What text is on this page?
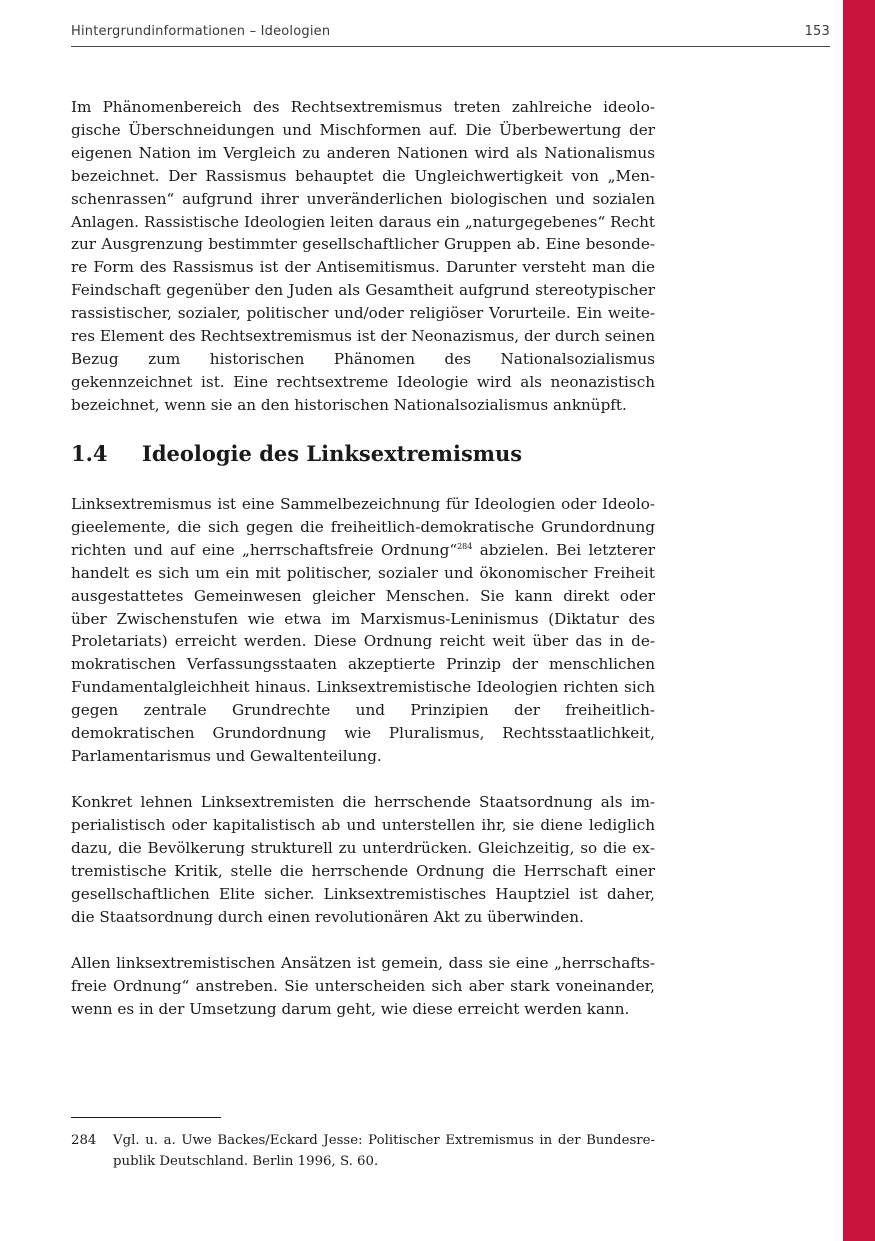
Hintergrundinformationen – Ideologien	153

Im Phänomenbereich des Rechtsextremismus treten zahlreiche ideologische Überschneidungen und Mischformen auf. Die Überbewertung der eigenen Nation im Vergleich zu anderen Nationen wird als Nationalismus bezeichnet. Der Rassismus behauptet die Ungleichwertigkeit von „Menschenrassen“ aufgrund ihrer unveränderlichen biologischen und sozialen Anlagen. Rassistische Ideologien leiten daraus ein „naturgegebenes“ Recht zur Ausgrenzung bestimmter gesellschaftlicher Gruppen ab. Eine besondere Form des Rassismus ist der Antisemitismus. Darunter versteht man die Feindschaft gegenüber den Juden als Gesamtheit aufgrund stereotypischer rassistischer, sozialer, politischer und/oder religiöser Vorurteile. Ein weiteres Element des Rechtsextremismus ist der Neonazismus, der durch seinen Bezug zum historischen Phänomen des Nationalsozialismus gekennzeichnet ist. Eine rechtsextreme Ideologie wird als neonazistisch bezeichnet, wenn sie an den historischen Nationalsozialismus anknüpft.

1.4 Ideologie des Linksextremismus

Linksextremismus ist eine Sammelbezeichnung für Ideologien oder Ideologieelemente, die sich gegen die freiheitlich-demokratische Grundordnung richten und auf eine „herrschaftsfreie Ordnung“$^{284}$ abzielen. Bei letzterer handelt es sich um ein mit politischer, sozialer und ökonomischer Freiheit ausgestattetes Gemeinwesen gleicher Menschen. Sie kann direkt oder über Zwischenstufen wie etwa im Marxismus-Leninismus (Diktatur des Proletariats) erreicht werden. Diese Ordnung reicht weit über das in demokratischen Verfassungsstaaten akzeptierte Prinzip der menschlichen Fundamentalgleichheit hinaus. Linksextremistische Ideologien richten sich gegen zentrale Grundrechte und Prinzipien der freiheitlich-demokratischen Grundordnung wie Pluralismus, Rechtsstaatlichkeit, Parlamentarismus und Gewaltenteilung.

Konkret lehnen Linksextremisten die herrschende Staatsordnung als imperialistisch oder kapitalistisch ab und unterstellen ihr, sie diene lediglich dazu, die Bevölkerung strukturell zu unterdrücken. Gleichzeitig, so die extremistische Kritik, stelle die herrschende Ordnung die Herrschaft einer gesellschaftlichen Elite sicher. Linksextremistisches Hauptziel ist daher, die Staatsordnung durch einen revolutionären Akt zu überwinden.

Allen linksextremistischen Ansätzen ist gemein, dass sie eine „herrschaftsfreie Ordnung“ anstreben. Sie unterscheiden sich aber stark voneinander, wenn es in der Umsetzung darum geht, wie diese erreicht werden kann.

284 Vgl. u. a. Uwe Backes/Eckard Jesse: Politischer Extremismus in der Bundesrepublik Deutschland. Berlin 1996, S. 60.
